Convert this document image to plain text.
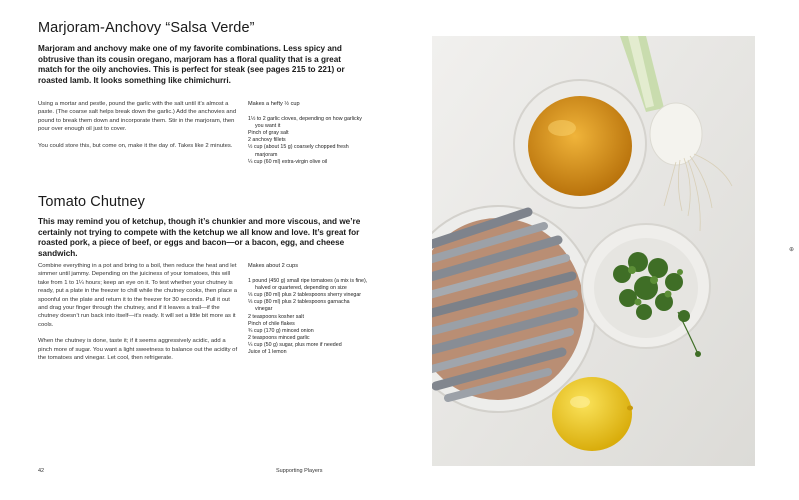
Marjoram-Anchovy “Salsa Verde”

Marjoram and anchovy make one of my favorite combinations. Less spicy and obtrusive than its cousin oregano, marjoram has a floral quality that is a great match for the oily anchovies. This is perfect for steak (see pages 215 to 221) or roasted lamb. It looks something like chimichurri.

Using a mortar and pestle, pound the garlic with the salt until it’s almost a paste. (The coarse salt helps break down the garlic.) Add the anchovies and pound to break them down and incorporate them. Stir in the marjoram, then pour over enough oil just to cover.

You could store this, but come on, make it the day of. Takes like 2 minutes.

Makes a hefty ½ cup

1½ to 2 garlic cloves, depending on how garlicky you want it
Pinch of gray salt
2 anchovy fillets
½ cup (about 15 g) coarsely chopped fresh marjoram
¼ cup (60 ml) extra-virgin olive oil
Tomato Chutney

This may remind you of ketchup, though it’s chunkier and more viscous, and we’re certainly not trying to compete with the ketchup we all know and love. It’s great for roasted pork, a piece of beef, or eggs and bacon—or a bacon, egg, and cheese sandwich.

Combine everything in a pot and bring to a boil, then reduce the heat and let simmer until jammy. Depending on the juiciness of your tomatoes, this will take from 1 to 1¼ hours; keep an eye on it. To test whether your chutney is ready, put a plate in the freezer to chill while the chutney cooks, then place a spoonful on the plate and return it to the freezer for 30 seconds. Pull it out and drag your finger through the chutney, and if it leaves a trail—if the chutney doesn’t run back into itself—it’s ready. It will set a little bit more as it cools.

When the chutney is done, taste it; if it seems aggressively acidic, add a pinch more of sugar. You want a light sweetness to balance out the acidity of the tomatoes and vinegar. Let cool, then refrigerate.

Makes about 2 cups

1 pound (450 g) small ripe tomatoes (a mix is fine), halved or quartered, depending on size
⅓ cup (80 ml) plus 2 tablespoons sherry vinegar
⅓ cup (80 ml) plus 2 tablespoons garnacha vinegar
2 teaspoons kosher salt
Pinch of chile flakes
¾ cup (170 g) minced onion
2 teaspoons minced garlic
¼ cup (50 g) sugar, plus more if needed
Juice of 1 lemon
42	Supporting Players
⊕
